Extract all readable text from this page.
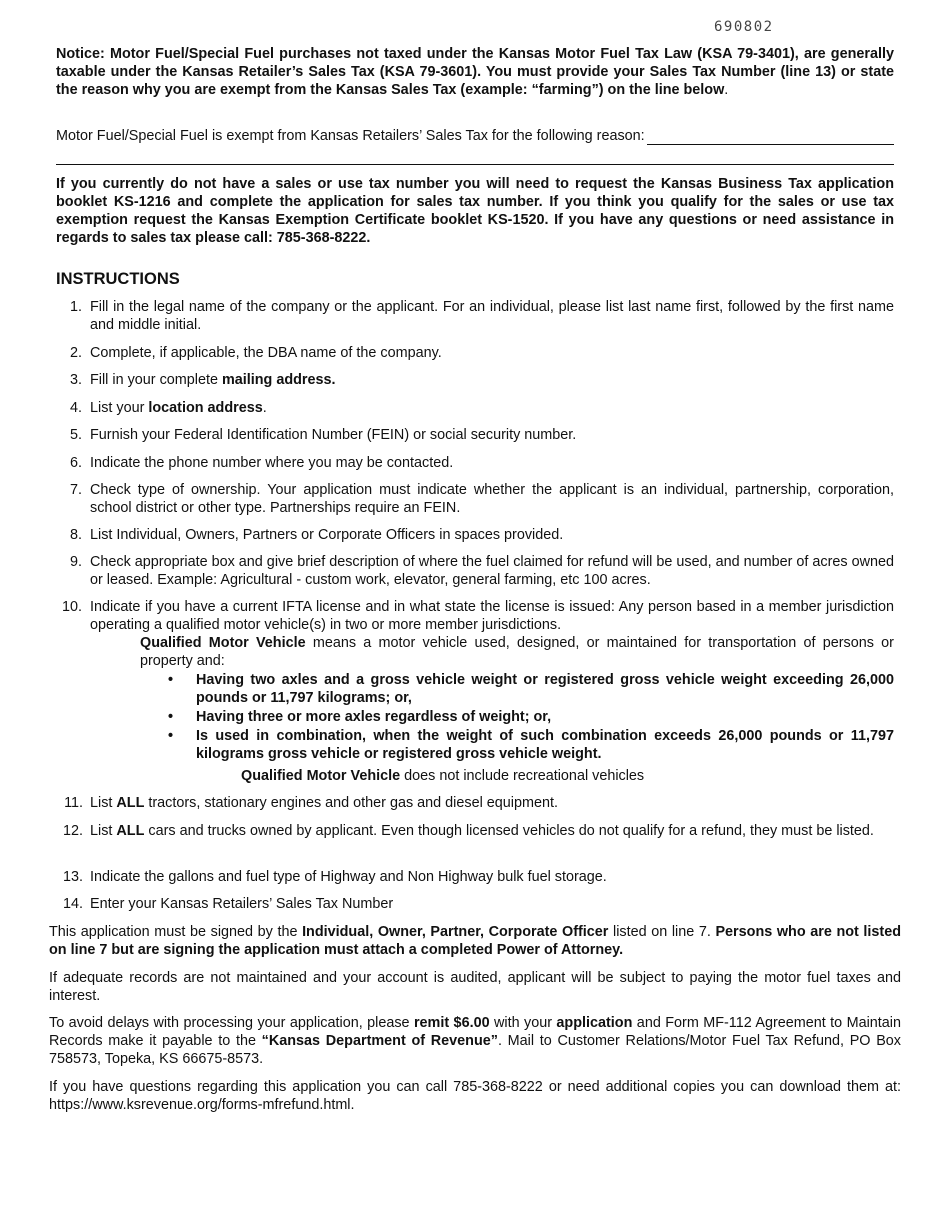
690802
Notice: Motor Fuel/Special Fuel purchases not taxed under the Kansas Motor Fuel Tax Law (KSA 79-3401), are generally taxable under the Kansas Retailer’s Sales Tax (KSA 79-3601). You must provide your Sales Tax Number (line 13) or state the reason why you are exempt from the Kansas Sales Tax (example: “farming”) on the line below.
Motor Fuel/Special Fuel is exempt from Kansas Retailers’ Sales Tax for the following reason:
If you currently do not have a sales or use tax number you will need to request the Kansas Business Tax application booklet KS-1216 and complete the application for sales tax number. If you think you qualify for the sales or use tax exemption request the Kansas Exemption Certificate booklet KS-1520. If you have any questions or need assistance in regards to sales tax please call: 785-368-8222.
INSTRUCTIONS
1. Fill in the legal name of the company or the applicant. For an individual, please list last name first, followed by the first name and middle initial.
2. Complete, if applicable, the DBA name of the company.
3. Fill in your complete mailing address.
4. List your location address.
5. Furnish your Federal Identification Number (FEIN) or social security number.
6. Indicate the phone number where you may be contacted.
7. Check type of ownership. Your application must indicate whether the applicant is an individual, partnership, corporation, school district or other type. Partnerships require an FEIN.
8. List Individual, Owners, Partners or Corporate Officers in spaces provided.
9. Check appropriate box and give brief description of where the fuel claimed for refund will be used, and number of acres owned or leased. Example: Agricultural - custom work, elevator, general farming, etc 100 acres.
10. Indicate if you have a current IFTA license and in what state the license is issued: Any person based in a member jurisdiction operating a qualified motor vehicle(s) in two or more member jurisdictions.
Qualified Motor Vehicle means a motor vehicle used, designed, or maintained for transportation of persons or property and:
• Having two axles and a gross vehicle weight or registered gross vehicle weight exceeding 26,000 pounds or 11,797 kilograms; or,
• Having three or more axles regardless of weight; or,
• Is used in combination, when the weight of such combination exceeds 26,000 pounds or 11,797 kilograms gross vehicle or registered gross vehicle weight.
Qualified Motor Vehicle does not include recreational vehicles
11. List ALL tractors, stationary engines and other gas and diesel equipment.
12. List ALL cars and trucks owned by applicant. Even though licensed vehicles do not qualify for a refund, they must be listed.
13. Indicate the gallons and fuel type of Highway and Non Highway bulk fuel storage.
14. Enter your Kansas Retailers’ Sales Tax Number
This application must be signed by the Individual, Owner, Partner, Corporate Officer listed on line 7. Persons who are not listed on line 7 but are signing the application must attach a completed Power of Attorney.
If adequate records are not maintained and your account is audited, applicant will be subject to paying the motor fuel taxes and interest.
To avoid delays with processing your application, please remit $6.00 with your application and Form MF-112 Agreement to Maintain Records make it payable to the “Kansas Department of Revenue”. Mail to Customer Relations/Motor Fuel Tax Refund, PO Box 758573, Topeka, KS 66675-8573.
If you have questions regarding this application you can call 785-368-8222 or need additional copies you can download them at: https://www.ksrevenue.org/forms-mfrefund.html.
